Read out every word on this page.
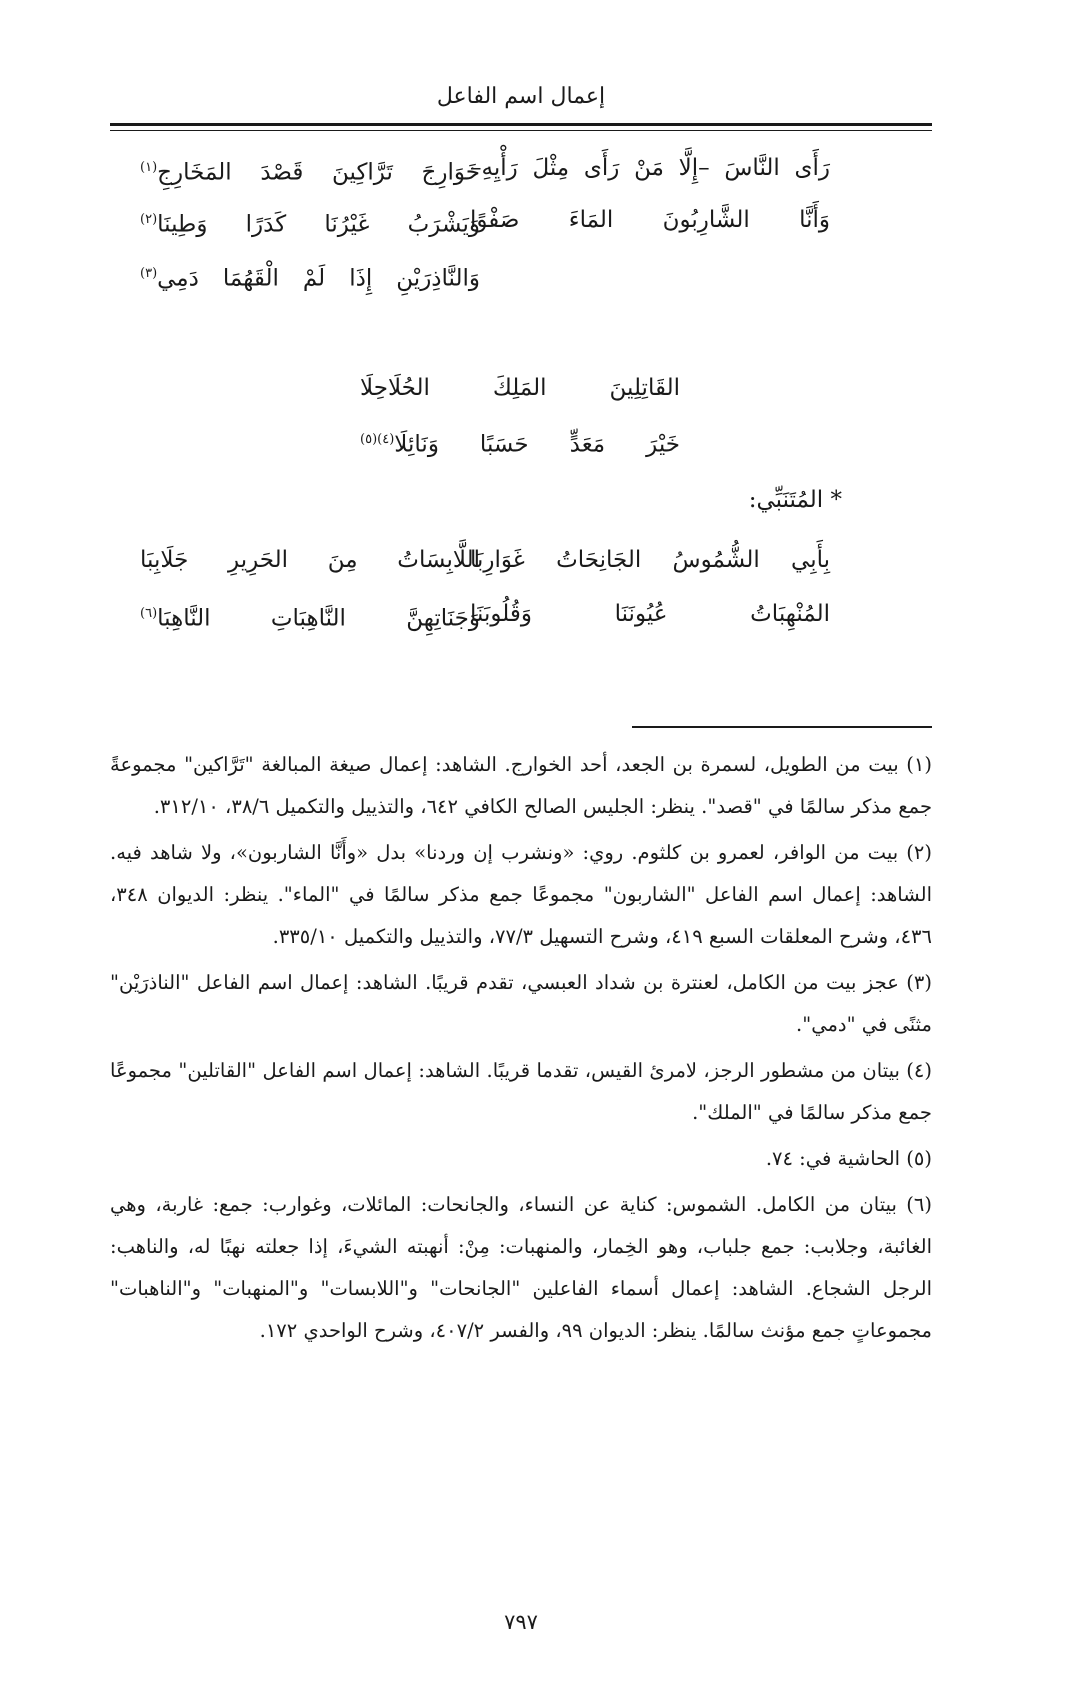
إعمال اسم الفاعل
رَأَى النَّاسَ –إِلَّا مَنْ رَأَى مِثْلَ رَأْيِهِ–
خَوَارِجَ تَرَّاكِينَ قَصْدَ المَخَارِجِ$^{(١)}$
وَأَنَّا الشَّارِبُونَ المَاءَ صَفْوًا
وَيَشْرَبُ غَيْرُنَا كَدَرًا وَطِينَا$^{(٢)}$
وَالنَّاذِرَيْنِ إِذَا لَمْ الْقَهُمَا دَمِي$^{(٣)}$
القَاتِلِينَ المَلِكَ الحُلَاحِلَا
خَيْرَ مَعَدٍّ حَسَبًا وَنَائِلَا$^{(٤)(٥)}$
* المُتَنَبِّي:
بِأَبِي الشُّمُوسُ الجَانِحَاتُ غَوَارِبَا
اللَّابِسَاتُ مِنَ الحَرِيرِ جَلَابِبَا
المُنْهِبَاتُ عُيُونَنَا وَقُلُوبَنَا
وَجَنَاتِهِنَّ النَّاهِبَاتِ النَّاهِبَا$^{(٦)}$

(١) بيت من الطويل، لسمرة بن الجعد، أحد الخوارج. الشاهد: إعمال صيغة المبالغة "تَرَّاكين" مجموعةً جمع مذكر سالمًا في "قصد". ينظر: الجليس الصالح الكافي ٦٤٢، والتذييل والتكميل ٣٨/٦، ٣١٢/١٠.

(٢) بيت من الوافر، لعمرو بن كلثوم. روي: «ونشرب إن وردنا» بدل «وأَنَّا الشاربون»، ولا شاهد فيه. الشاهد: إعمال اسم الفاعل "الشاربون" مجموعًا جمع مذكر سالمًا في "الماء". ينظر: الديوان ٣٤٨، ٤٣٦، وشرح المعلقات السبع ٤١٩، وشرح التسهيل ٧٧/٣، والتذييل والتكميل ٣٣٥/١٠.

(٣) عجز بيت من الكامل، لعنترة بن شداد العبسي، تقدم قريبًا. الشاهد: إعمال اسم الفاعل "الناذرَيْن" مثنًى في "دمي".

(٤) بيتان من مشطور الرجز، لامرئ القيس، تقدما قريبًا. الشاهد: إعمال اسم الفاعل "القاتلين" مجموعًا جمع مذكر سالمًا في "الملك".

(٥) الحاشية في: ٧٤.

(٦) بيتان من الكامل. الشموس: كناية عن النساء، والجانحات: المائلات، وغوارب: جمع: غاربة، وهي الغائبة، وجلابب: جمع جلباب، وهو الخِمار، والمنهبات: مِنْ: أنهبته الشيءَ، إذا جعلته نهبًا له، والناهب: الرجل الشجاع. الشاهد: إعمال أسماء الفاعلين "الجانحات" و"اللابسات" و"المنهبات" و"الناهبات" مجموعاتٍ جمع مؤنث سالمًا. ينظر: الديوان ٩٩، والفسر ٤٠٧/٢، وشرح الواحدي ١٧٢.

٧٩٧
